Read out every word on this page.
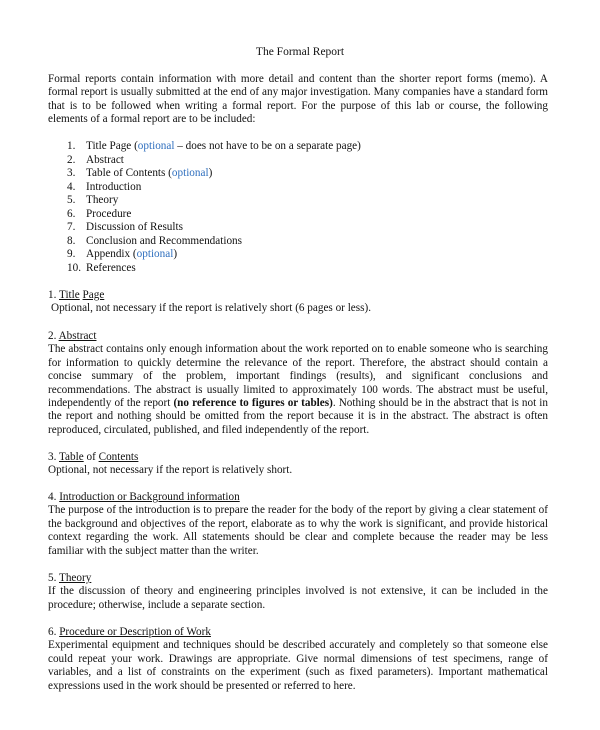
The Formal Report
Formal reports contain information with more detail and content than the shorter report forms (memo). A formal report is usually submitted at the end of any major investigation. Many companies have a standard form that is to be followed when writing a formal report. For the purpose of this lab or course, the following elements of a formal report are to be included:
1. Title Page (optional – does not have to be on a separate page)
2. Abstract
3. Table of Contents (optional)
4. Introduction
5. Theory
6. Procedure
7. Discussion of Results
8. Conclusion and Recommendations
9. Appendix (optional)
10. References
1. Title Page
Optional, not necessary if the report is relatively short (6 pages or less).
2. Abstract
The abstract contains only enough information about the work reported on to enable someone who is searching for information to quickly determine the relevance of the report. Therefore, the abstract should contain a concise summary of the problem, important findings (results), and significant conclusions and recommendations. The abstract is usually limited to approximately 100 words. The abstract must be useful, independently of the report (no reference to figures or tables). Nothing should be in the abstract that is not in the report and nothing should be omitted from the report because it is in the abstract. The abstract is often reproduced, circulated, published, and filed independently of the report.
3. Table of Contents
Optional, not necessary if the report is relatively short.
4. Introduction or Background information
The purpose of the introduction is to prepare the reader for the body of the report by giving a clear statement of the background and objectives of the report, elaborate as to why the work is significant, and provide historical context regarding the work. All statements should be clear and complete because the reader may be less familiar with the subject matter than the writer.
5. Theory
If the discussion of theory and engineering principles involved is not extensive, it can be included in the procedure; otherwise, include a separate section.
6. Procedure or Description of Work
Experimental equipment and techniques should be described accurately and completely so that someone else could repeat your work. Drawings are appropriate. Give normal dimensions of test specimens, range of variables, and a list of constraints on the experiment (such as fixed parameters). Important mathematical expressions used in the work should be presented or referred to here.
